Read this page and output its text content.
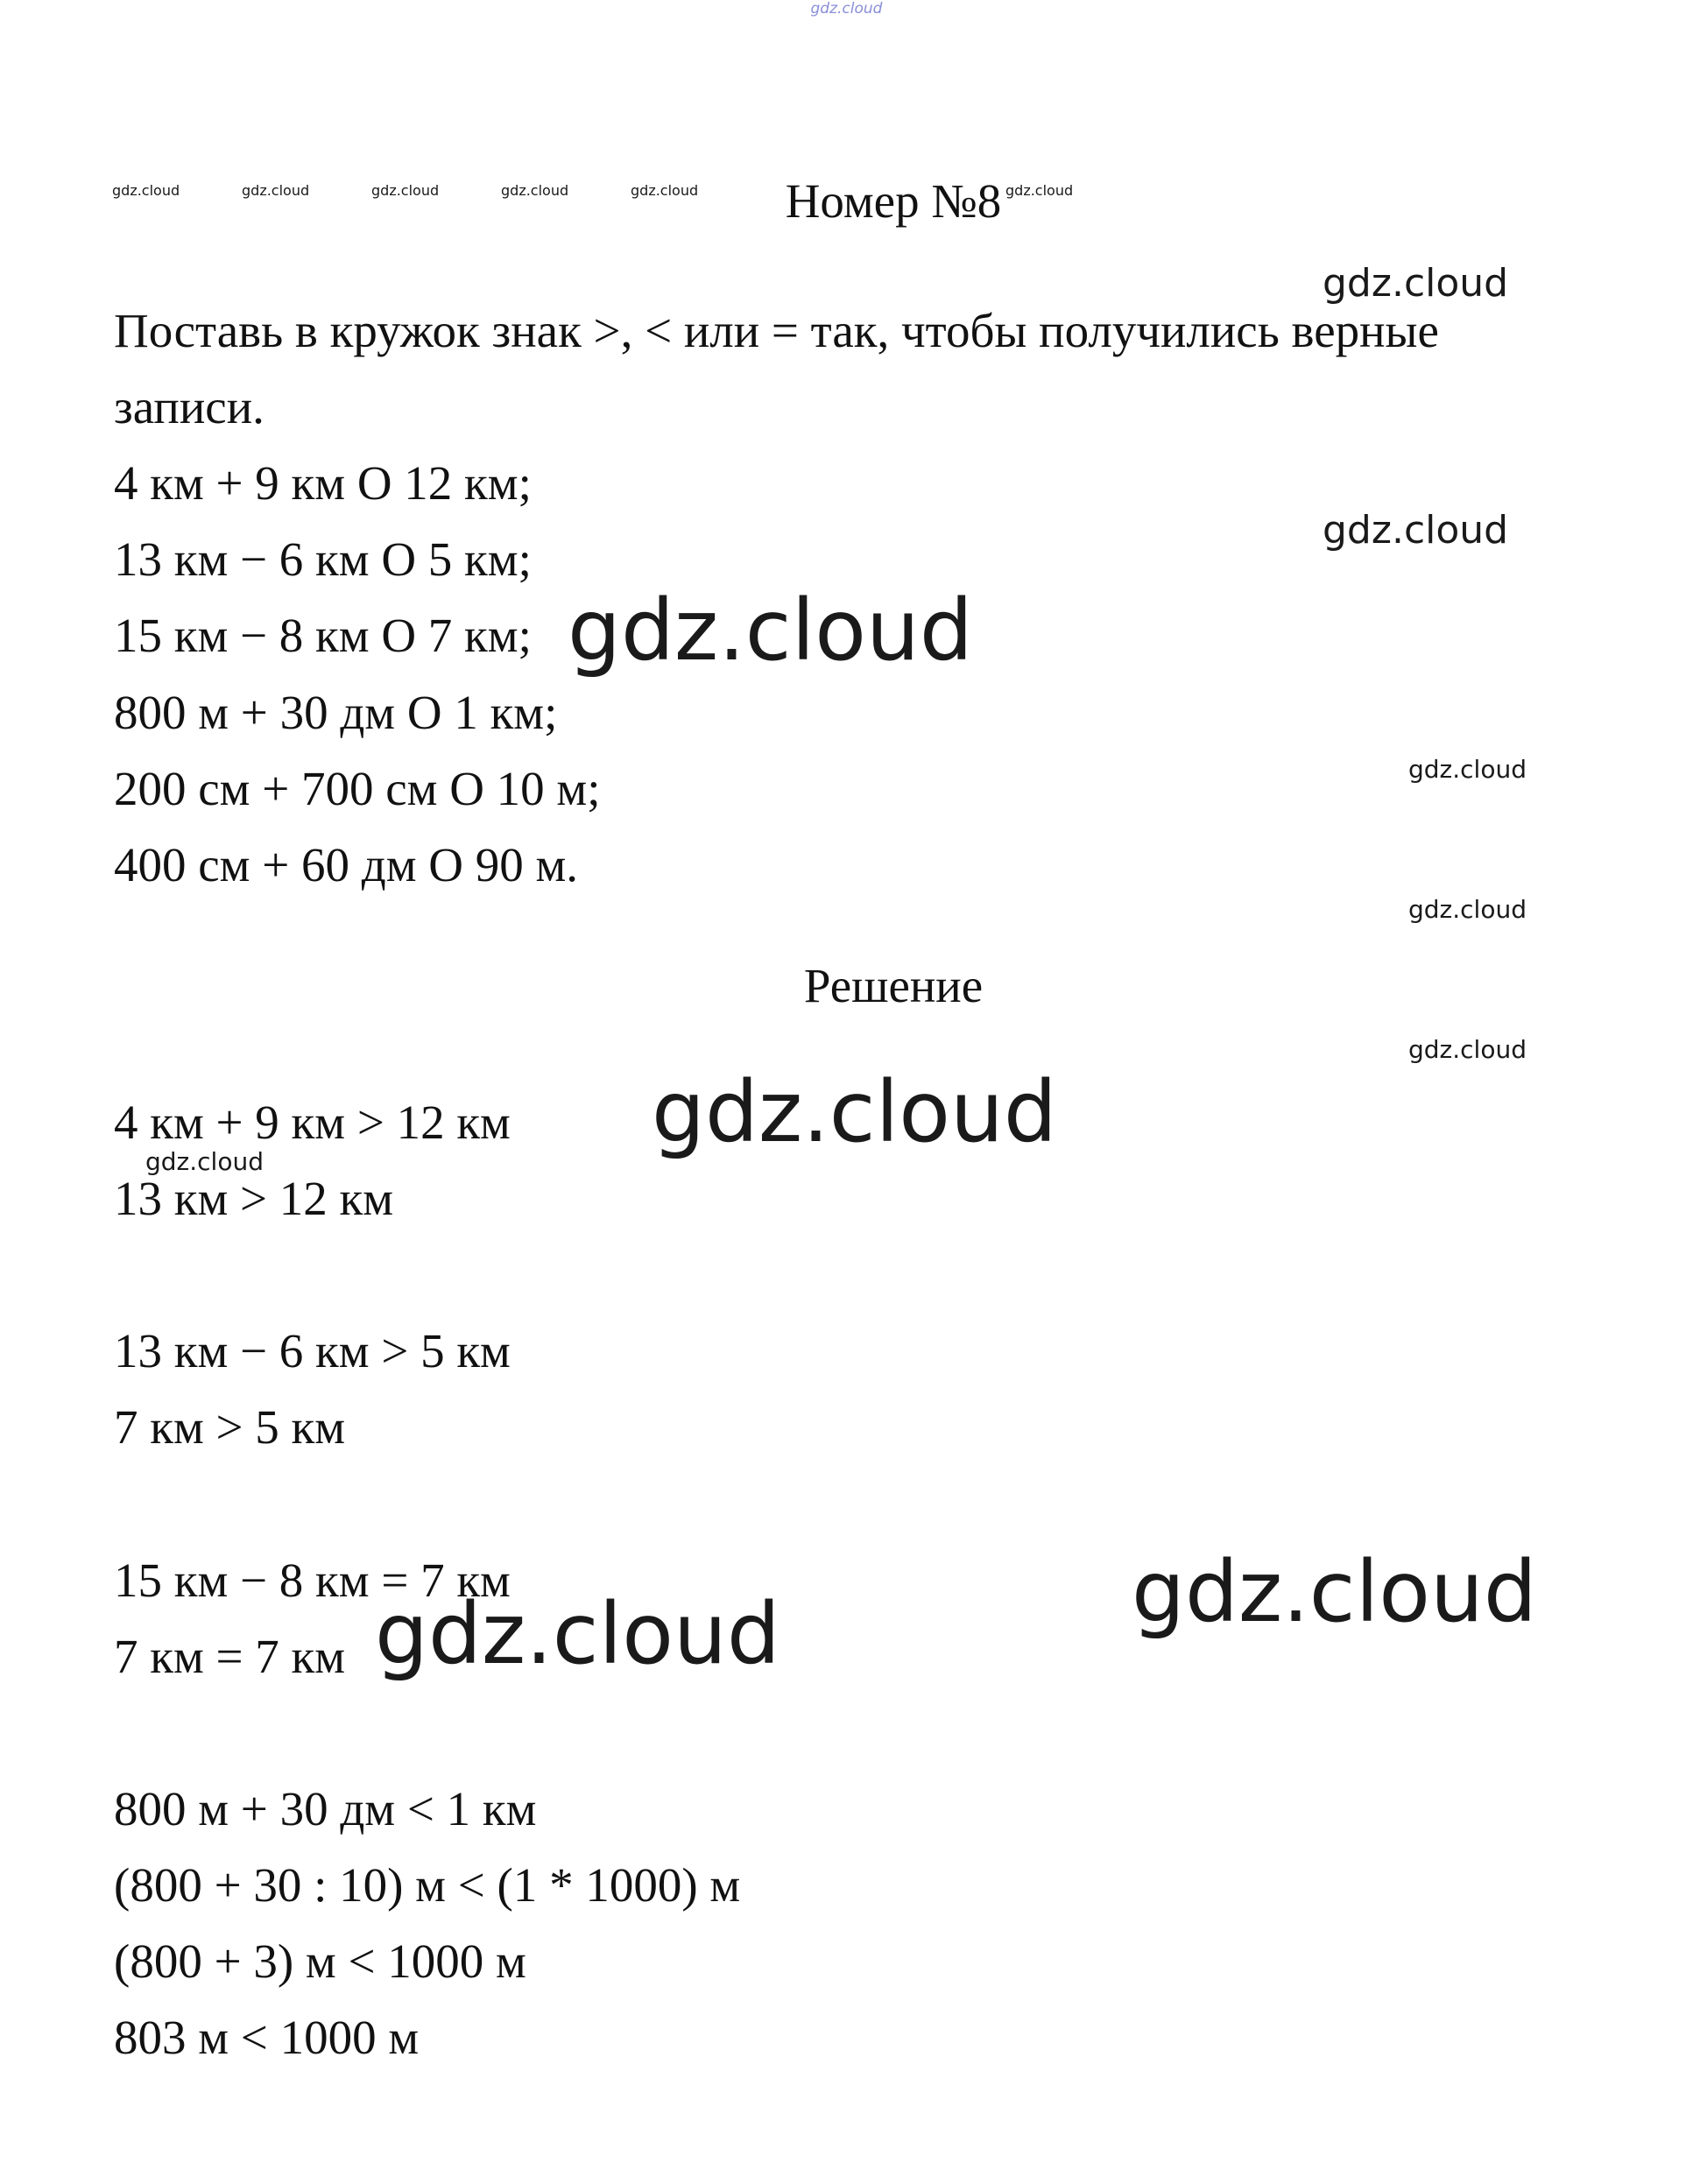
gdz.cloud
gdz.cloud	gdz.cloud	gdz.cloud	gdz.cloud	gdz.cloud	gdz.cloud
gdz.cloud
gdz.cloud
gdz.cloud
gdz.cloud
gdz.cloud
gdz.cloud
gdz.cloud
gdz.cloud
gdz.cloud
gdz.cloud
Номер №8
Поставь в кружок знак >, < или = так, чтобы получились верные
записи.
4 км + 9 км О 12 км;
13 км − 6 км О 5 км;
15 км − 8 км О 7 км;
800 м + 30 дм О 1 км;
200 см + 700 см О 10 м;
400 см + 60 дм О 90 м.
Решение
4 км + 9 км > 12 км
13 км > 12 км
13 км − 6 км > 5 км
7 км > 5 км
15 км − 8 км = 7 км
7 км = 7 км
800 м + 30 дм < 1 км
(800 + 30 : 10) м < (1 * 1000) м
(800 + 3) м < 1000 м
803 м < 1000 м
